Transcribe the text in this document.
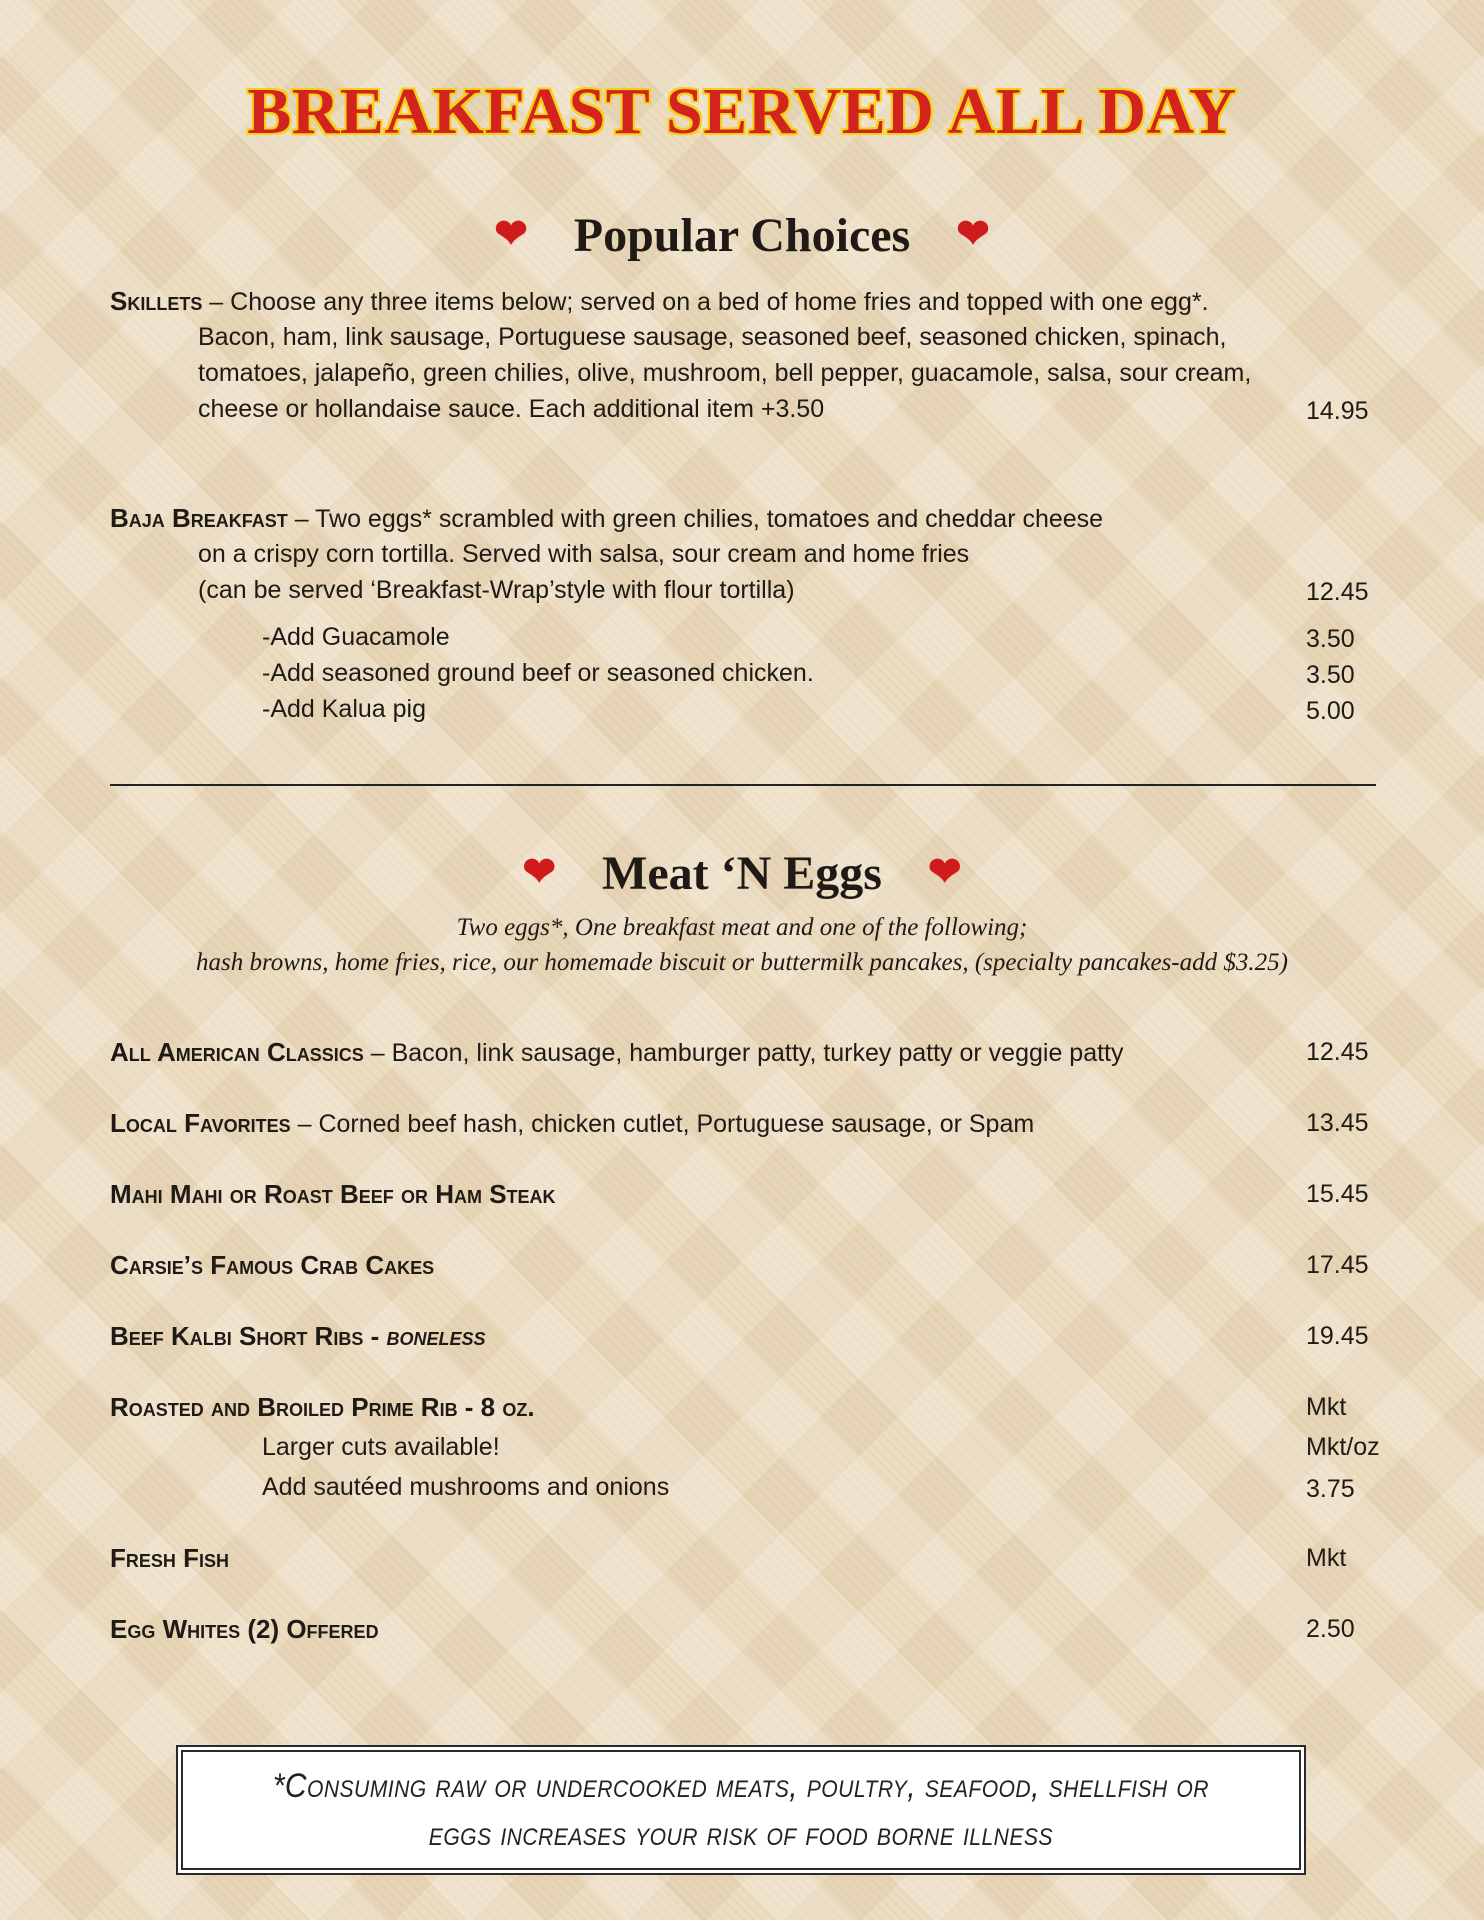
BREAKFAST SERVED ALL DAY
❤ Popular Choices ❤
Skillets – Choose any three items below; served on a bed of home fries and topped with one egg*.
Bacon, ham, link sausage, Portuguese sausage, seasoned beef, seasoned chicken, spinach,
tomatoes, jalapeño, green chilies, olive, mushroom, bell pepper, guacamole, salsa, sour cream,
cheese or hollandaise sauce. Each additional item +3.50	14.95
Baja Breakfast – Two eggs* scrambled with green chilies, tomatoes and cheddar cheese
on a crispy corn tortilla. Served with salsa, sour cream and home fries
(can be served ‘Breakfast-Wrap’style with flour tortilla)	12.45
-Add Guacamole	3.50
-Add seasoned ground beef or seasoned chicken.	3.50
-Add Kalua pig	5.00
❤ Meat ‘N Eggs ❤
Two eggs*, One breakfast meat and one of the following;
hash browns, home fries, rice, our homemade biscuit or buttermilk pancakes, (specialty pancakes-add $3.25)
All American Classics – Bacon, link sausage, hamburger patty, turkey patty or veggie patty	12.45
Local Favorites – Corned beef hash, chicken cutlet, Portuguese sausage, or Spam	13.45
Mahi Mahi or Roast Beef or Ham Steak	15.45
Carsie’s Famous Crab Cakes	17.45
Beef Kalbi Short Ribs - boneless	19.45
Roasted and Broiled Prime Rib - 8 oz.	Mkt
Larger cuts available!	Mkt/oz
Add sautéed mushrooms and onions	3.75
Fresh Fish	Mkt
Egg Whites (2) Offered	2.50
*Consuming raw or undercooked meats, poultry, seafood, shellfish or
eggs increases your risk of food borne illness
